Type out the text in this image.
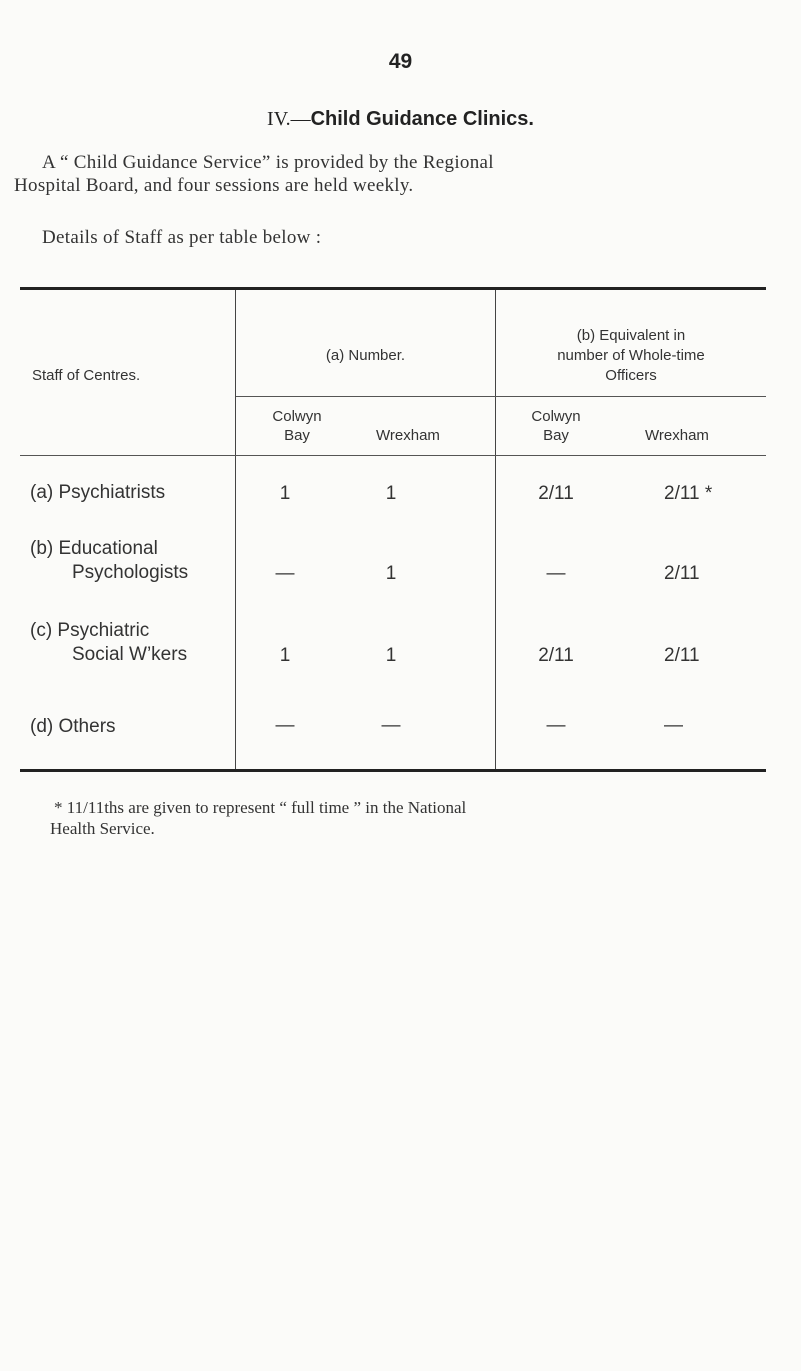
49
IV.—Child Guidance Clinics.
A “ Child Guidance Service” is provided by the Regional
Hospital Board, and four sessions are held weekly.
Details of Staff as per table below :
Staff of Centres.
(a) Number.
(b) Equivalent in
number of Whole-time
Officers
Colwyn
Bay	Wrexham
Colwyn
Bay	Wrexham
(a) Psychiatrists	1	1	2/11	2/11 *
(b) Educational
Psychologists	—	1	—	2/11
(c) Psychiatric
Social W’kers	1	1	2/11	2/11
(d) Others	—	—	—	—
* 11/11ths are given to represent “ full time ” in the National
Health Service.
